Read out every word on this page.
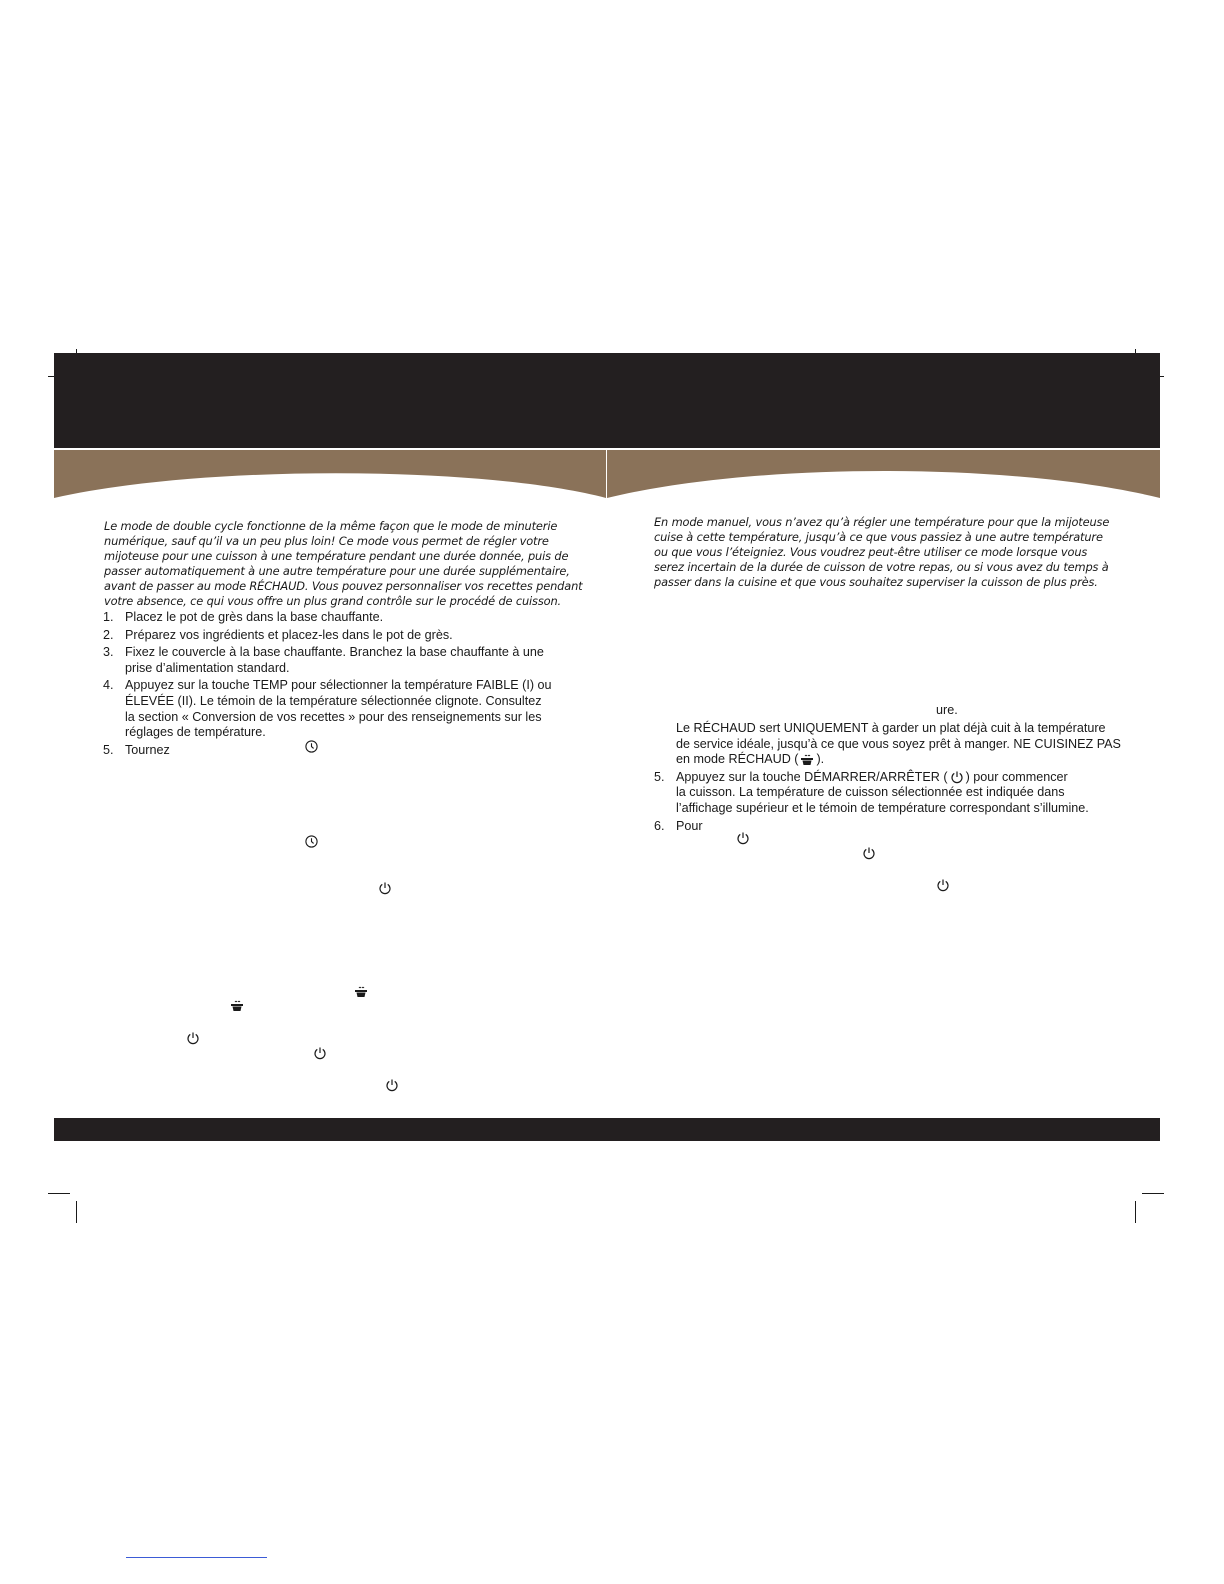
Le mode de double cycle fonctionne de la même façon que le mode de minuterie
numérique, sauf qu’il va un peu plus loin! Ce mode vous permet de régler votre
mijoteuse pour une cuisson à une température pendant une durée donnée, puis de
passer automatiquement à une autre température pour une durée supplémentaire,
avant de passer au mode RÉCHAUD. Vous pouvez personnaliser vos recettes pendant
votre absence, ce qui vous offre un plus grand contrôle sur le procédé de cuisson.
1. Placez le pot de grès dans la base chauffante.
2. Préparez vos ingrédients et placez-les dans le pot de grès.
3. Fixez le couvercle à la base chauffante. Branchez la base chauffante à une
prise d’alimentation standard.
4. Appuyez sur la touche TEMP pour sélectionner la température FAIBLE (I) ou
ÉLEVÉE (II). Le témoin de la température sélectionnée clignote. Consultez
la section « Conversion de vos recettes » pour des renseignements sur les
réglages de température.
5. Tournez
En mode manuel, vous n’avez qu’à régler une température pour que la mijoteuse
cuise à cette température, jusqu’à ce que vous passiez à une autre température
ou que vous l’éteigniez. Vous voudrez peut-être utiliser ce mode lorsque vous
serez incertain de la durée de cuisson de votre repas, ou si vous avez du temps à
passer dans la cuisine et que vous souhaitez superviser la cuisson de plus près.
ure.
Le RÉCHAUD sert UNIQUEMENT à garder un plat déjà cuit à la température
de service idéale, jusqu’à ce que vous soyez prêt à manger. NE CUISINEZ PAS
en mode RÉCHAUD ( ).
5. Appuyez sur la touche DÉMARRER/ARRÊTER ( ) pour commencer
la cuisson. La température de cuisson sélectionnée est indiquée dans
l’affichage supérieur et le témoin de température correspondant s’illumine.
6. Pour
